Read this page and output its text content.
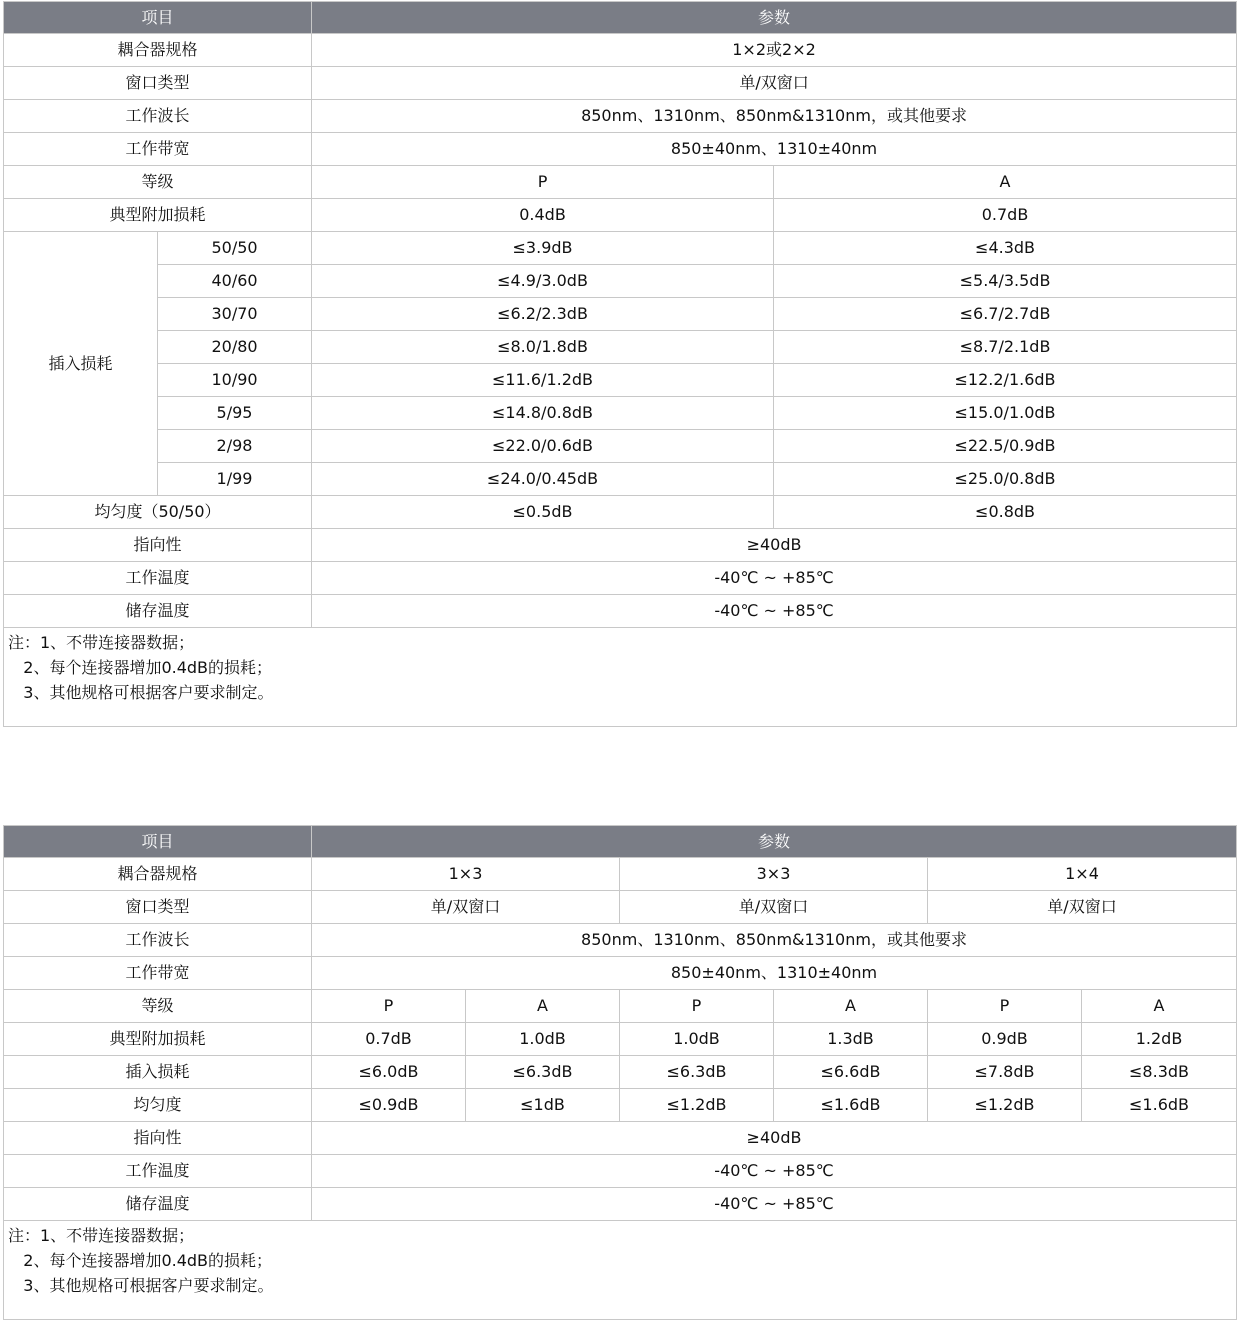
项目		参数	
耦合器规格		1×2或2×2	
窗口类型		单/双窗口	
工作波长		850nm、1310nm、850nm&1310nm，或其他要求	
工作带宽		850±40nm、1310±40nm	
等级		P	A
典型附加损耗		0.4dB	0.7dB
插入损耗	50/50	≤3.9dB	≤4.3dB
	40/60	≤4.9/3.0dB	≤5.4/3.5dB
	30/70	≤6.2/2.3dB	≤6.7/2.7dB
	20/80	≤8.0/1.8dB	≤8.7/2.1dB
	10/90	≤11.6/1.2dB	≤12.2/1.6dB
	5/95	≤14.8/0.8dB	≤15.0/1.0dB
	2/98	≤22.0/0.6dB	≤22.5/0.9dB
	1/99	≤24.0/0.45dB	≤25.0/0.8dB
均匀度（50/50）		≤0.5dB	≤0.8dB
指向性		≥40dB	
工作温度		-40℃ ~ +85℃	
储存温度		-40℃ ~ +85℃	

注：1、不带连接器数据；
2、每个连接器增加0.4dB的损耗；
3、其他规格可根据客户要求制定。			
项目	参数					
耦合器规格	1×3		3×3		1×4	
窗口类型	单/双窗口		单/双窗口		单/双窗口	
工作波长	850nm、1310nm、850nm&1310nm，或其他要求					
工作带宽	850±40nm、1310±40nm					
等级	P	A	P	A	P	A
典型附加损耗	0.7dB	1.0dB	1.0dB	1.3dB	0.9dB	1.2dB
插入损耗	≤6.0dB	≤6.3dB	≤6.3dB	≤6.6dB	≤7.8dB	≤8.3dB
均匀度	≤0.9dB	≤1dB	≤1.2dB	≤1.6dB	≤1.2dB	≤1.6dB
指向性	≥40dB					
工作温度	-40℃ ~ +85℃					
储存温度	-40℃ ~ +85℃					

注：1、不带连接器数据；
2、每个连接器增加0.4dB的损耗；
3、其他规格可根据客户要求制定。						
